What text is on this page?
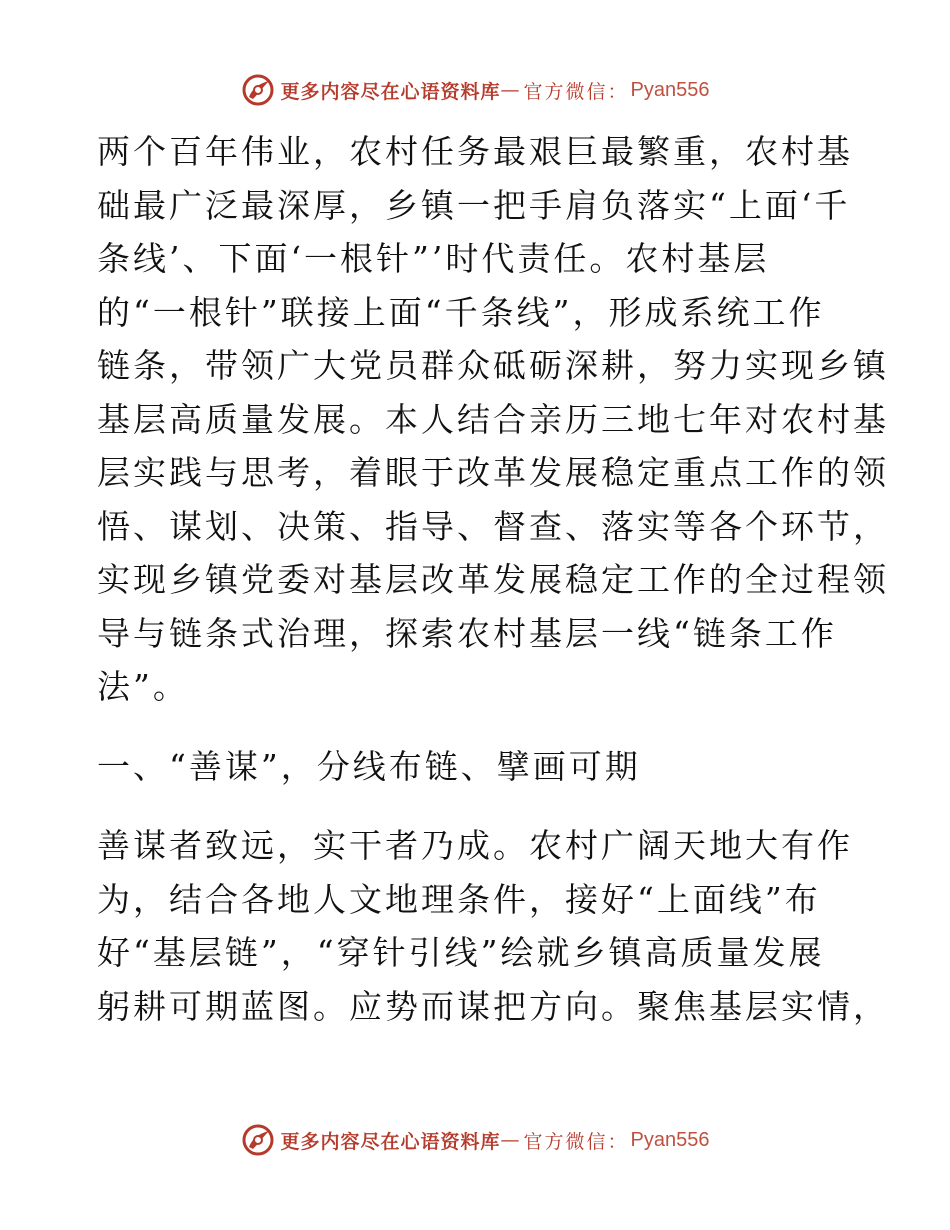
更多内容尽在心语资料库 — 官方微信： Pyan556
两个百年伟业，农村任务最艰巨最繁重，农村基
础最广泛最深厚，乡镇一把手肩负落实“上面‘千
条线’、下面‘一根针”’时代责任。农村基层
的“一根针”联接上面“千条线”，形成系统工作
链条，带领广大党员群众砥砺深耕，努力实现乡镇
基层高质量发展。本人结合亲历三地七年对农村基
层实践与思考，着眼于改革发展稳定重点工作的领
悟、谋划、决策、指导、督查、落实等各个环节，
实现乡镇党委对基层改革发展稳定工作的全过程领
导与链条式治理，探索农村基层一线“链条工作
法”。
一、“善谋”，分线布链、擘画可期
善谋者致远，实干者乃成。农村广阔天地大有作
为，结合各地人文地理条件，接好“上面线”布
好“基层链”，“穿针引线”绘就乡镇高质量发展
躬耕可期蓝图。应势而谋把方向。聚焦基层实情，
更多内容尽在心语资料库 — 官方微信： Pyan556
